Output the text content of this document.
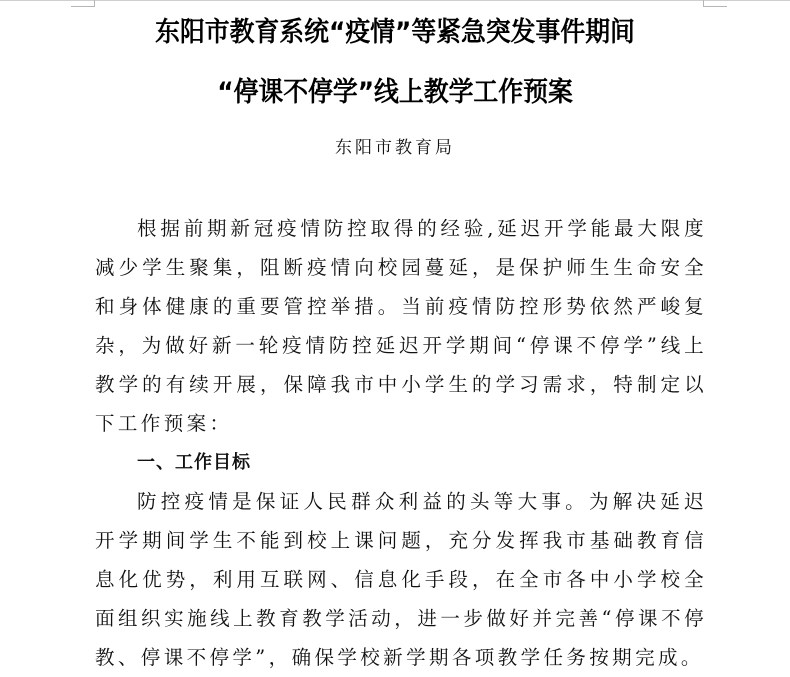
东阳市教育系统“疫情”等紧急突发事件期间
“停课不停学”线上教学工作预案
东阳市教育局

根据前期新冠疫情防控取得的经验,延迟开学能最大限度减少学生聚集，阻断疫情向校园蔓延，是保护师生生命安全和身体健康的重要管控举措。当前疫情防控形势依然严峻复杂，为做好新一轮疫情防控延迟开学期间“停课不停学”线上教学的有续开展，保障我市中小学生的学习需求，特制定以下工作预案：

一、工作目标

防控疫情是保证人民群众利益的头等大事。为解决延迟开学期间学生不能到校上课问题，充分发挥我市基础教育信息化优势，利用互联网、信息化手段，在全市各中小学校全面组织实施线上教育教学活动，进一步做好并完善“停课不停教、停课不停学”，确保学校新学期各项教学任务按期完成。
